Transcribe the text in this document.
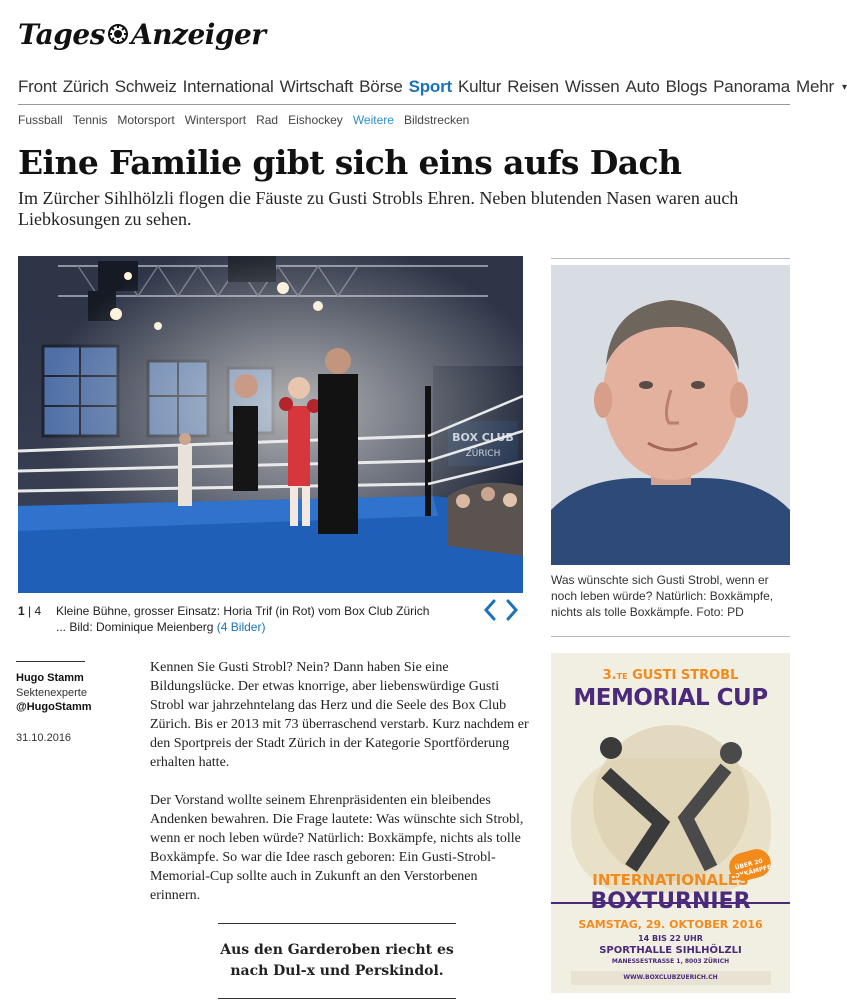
Tages Anzeiger
Front Zürich Schweiz International Wirtschaft Börse Sport Kultur Reisen Wissen Auto Blogs Panorama Mehr ▾
Fussball Tennis Motorsport Wintersport Rad Eishockey Weitere Bildstrecken
Eine Familie gibt sich eins aufs Dach

Im Zürcher Sihlhölzli flogen die Fäuste zu Gusti Strobls Ehren. Neben blutenden Nasen waren auch Liebkosungen zu sehen.

1 | 4 Kleine Bühne, grosser Einsatz: Horia Trif (in Rot) vom Box Club Zürich ... Bild: Dominique Meienberg (4 Bilder)

Was wünschte sich Gusti Strobl, wenn er noch leben würde? Natürlich: Boxkämpfe, nichts als tolle Boxkämpfe. Foto: PD

3.TE GUSTI STROBL
MEMORIAL CUP
ÜBER 20 BOXKÄMPFE
INTERNATIONALES
BOXTURNIER
SAMSTAG, 29. OKTOBER 2016
14 BIS 22 UHR
SPORTHALLE SIHLHÖLZLI
MANESSESTRASSE 1, 8003 ZÜRICH
WWW.BOXCLUBZUERICH.CH
Hugo Stamm
Sektenexperte
@HugoStamm
31.10.2016

Kennen Sie Gusti Strobl? Nein? Dann haben Sie eine Bildungslücke. Der etwas knorrige, aber liebenswürdige Gusti Strobl war jahrzehntelang das Herz und die Seele des Box Club Zürich. Bis er 2013 mit 73 überraschend verstarb. Kurz nachdem er den Sportpreis der Stadt Zürich in der Kategorie Sportförderung erhalten hatte.

Der Vorstand wollte seinem Ehrenpräsidenten ein bleibendes Andenken bewahren. Die Frage lautete: Was wünschte sich Strobl, wenn er noch leben würde? Natürlich: Boxkämpfe, nichts als tolle Boxkämpfe. So war die Idee rasch geboren: Ein Gusti-Strobl-Memorial-Cup sollte auch in Zukunft an den Verstorbenen erinnern.

Aus den Garderoben riecht es nach Dul-x und Perskindol.
